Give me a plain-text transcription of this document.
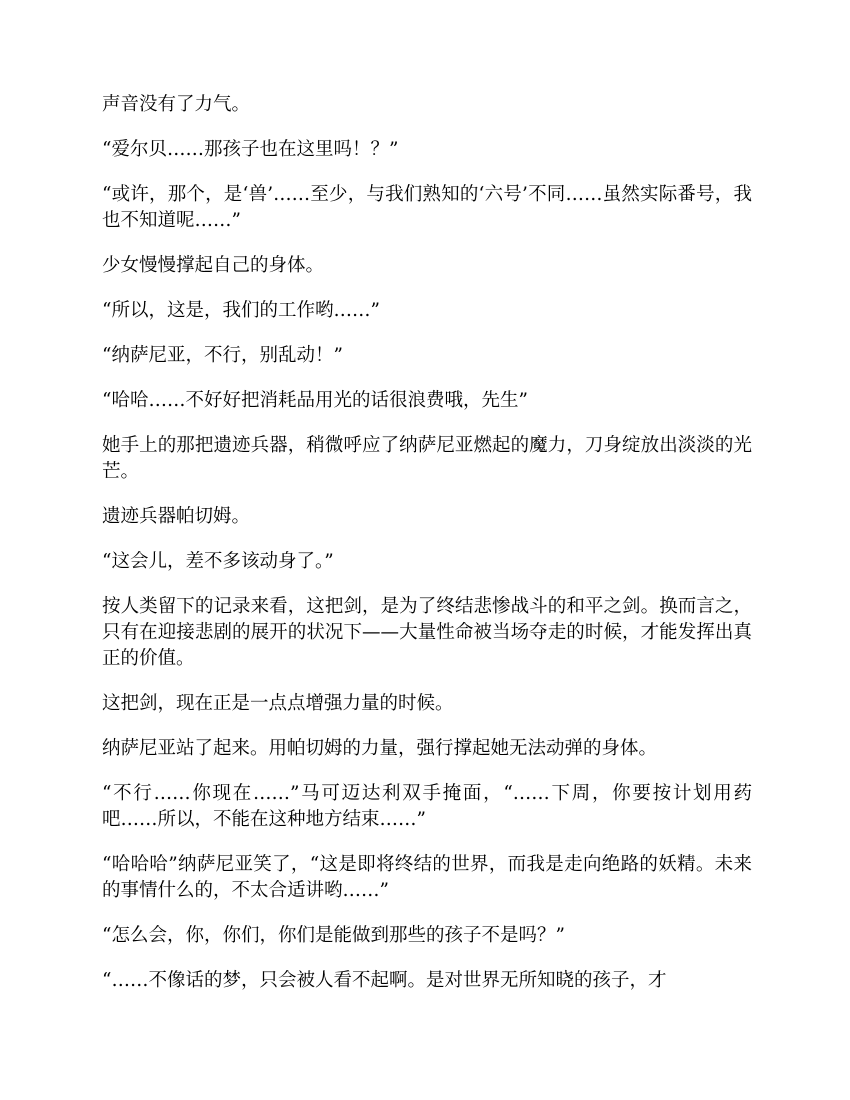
声音没有了力气。

“爱尔贝……那孩子也在这里吗！？”

“或许，那个，是‘兽’……至少，与我们熟知的‘六号’不同……虽然实际番号，我也不知道呢……”

少女慢慢撑起自己的身体。

“所以，这是，我们的工作哟……”

“纳萨尼亚，不行，别乱动！”

“哈哈……不好好把消耗品用光的话很浪费哦，先生”

她手上的那把遗迹兵器，稍微呼应了纳萨尼亚燃起的魔力，刀身绽放出淡淡的光芒。

遗迹兵器帕切姆。

“这会儿，差不多该动身了。”

按人类留下的记录来看，这把剑，是为了终结悲惨战斗的和平之剑。换而言之，只有在迎接悲剧的展开的状况下——大量性命被当场夺走的时候，才能发挥出真正的价值。

这把剑，现在正是一点点增强力量的时候。

纳萨尼亚站了起来。用帕切姆的力量，强行撑起她无法动弹的身体。

“不行……你现在……”马可迈达利双手掩面，“……下周，你要按计划用药吧……所以，不能在这种地方结束……”

“哈哈哈”纳萨尼亚笑了，“这是即将终结的世界，而我是走向绝路的妖精。未来的事情什么的，不太合适讲哟……”

“怎么会，你，你们，你们是能做到那些的孩子不是吗？”

“……不像话的梦，只会被人看不起啊。是对世界无所知晓的孩子，才
